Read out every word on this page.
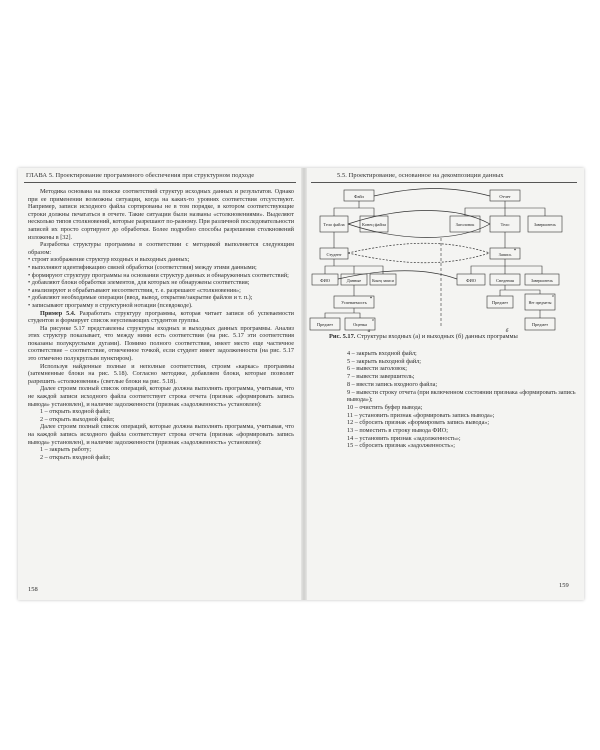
ГЛАВА 5. Проектирование программного обеспечения при структурном подходе

Методика основана на поиске соответствий структур исходных данных и результатов. Однако при ее применении возможны ситуации, когда на каких-то уровнях соответствия отсутствуют. Например, записи исходного файла сортированы не в том порядке, в котором соответствующие строки должны печататься в отчете. Такие ситуации были названы «столкновениями». Выделяют несколько типов столкновений, которые разрешают по-разному. При различной последовательности записей их просто сортируют до обработки. Более подробно способы разрешения столкновений изложены в [32].

Разработка структуры программы в соответствии с методикой выполняется следующим образом:

• строят изображение структур входных и выходных данных;

• выполняют идентификацию связей обработки (соответствия) между этими данными;

• формируют структуру программы на основании структур данных и обнаруженных соответствий;

• добавляют блоки обработки элементов, для которых не обнаружены соответствия;

• анализируют и обрабатывают несоответствия, т. е. разрешают «столкновения»;

• добавляют необходимые операции (ввод, вывод, открытие/закрытие файлов и т. п.);

• записывают программу в структурной нотации (псевдокоде).

Пример 5.4. Разработать структуру программы, которая читает записи об успеваемости студентов и формирует список неуспевающих студентов группы.

На рисунке 5.17 представлены структуры входных и выходных данных программы. Анализ этих структур показывает, что между ними есть соответствия (на рис. 5.17 эти соответствия показаны полукруглыми дугами). Помимо полного соответствия, имеет место еще частичное соответствие – соответствие, отмеченное точкой, если студент имеет задолженности (на рис. 5.17 это отмечено полукруглым пунктиром).

Используя найденные полные и неполные соответствия, строим «каркас» программы (затемненные блоки на рис. 5.18). Согласно методике, добавляем блоки, которые позволят разрешить «столкновения» (светлые блоки на рис. 5.18).

Далее строим полный список операций, которые должна выполнять программа, учитывая, что не каждой записи исходного файла соответствует строка отчета (признак «формировать запись вывода» установлен), и наличие задолженности (признак «задолженность» установлен):

1 – открыть входной файл;

2 – открыть выходной файл;

Далее строим полный список операций, которые должна выполнять программа, учитывая, что на каждой запись исходного файла соответствует строка отчета (признак «формировать запись вывода» установлен), и наличие задолженности (признак «задолженность» установлен):

1 – закрыть работу;

2 – открыть входной файл;

158
5.5. Проектирование, основанное на декомпозиции данных
Файл
Тело файла	Конец файла
Студент
ФИО	Данные	Конец записи
Успеваемость
Предмет	Оценка
Отчет
Заголовок	Тело	Завершитель
Запись
ФИО	Сведения	Завершитель
Предмет	Нет предметы
Предмет
*
*
o
o
а	б
Рис. 5.17. Структуры входных (а) и выходных (б) данных программы

4 – закрыть входной файл;

5 – закрыть выходной файл;

6 – вывести заголовок;

7 – вывести завершитель;

8 – ввести запись входного файла;

9 – вывести строку отчета (при включенном состоянии признака «формировать запись вывода»);

10 – очистить буфер вывода;

11 – установить признак «формировать запись вывода»;

12 – сбросить признак «формировать запись вывода»;

13 – поместить в строку вывода ФИО;

14 – установить признак «задолженность»;

15 – сбросить признак «задолженность»;

159
